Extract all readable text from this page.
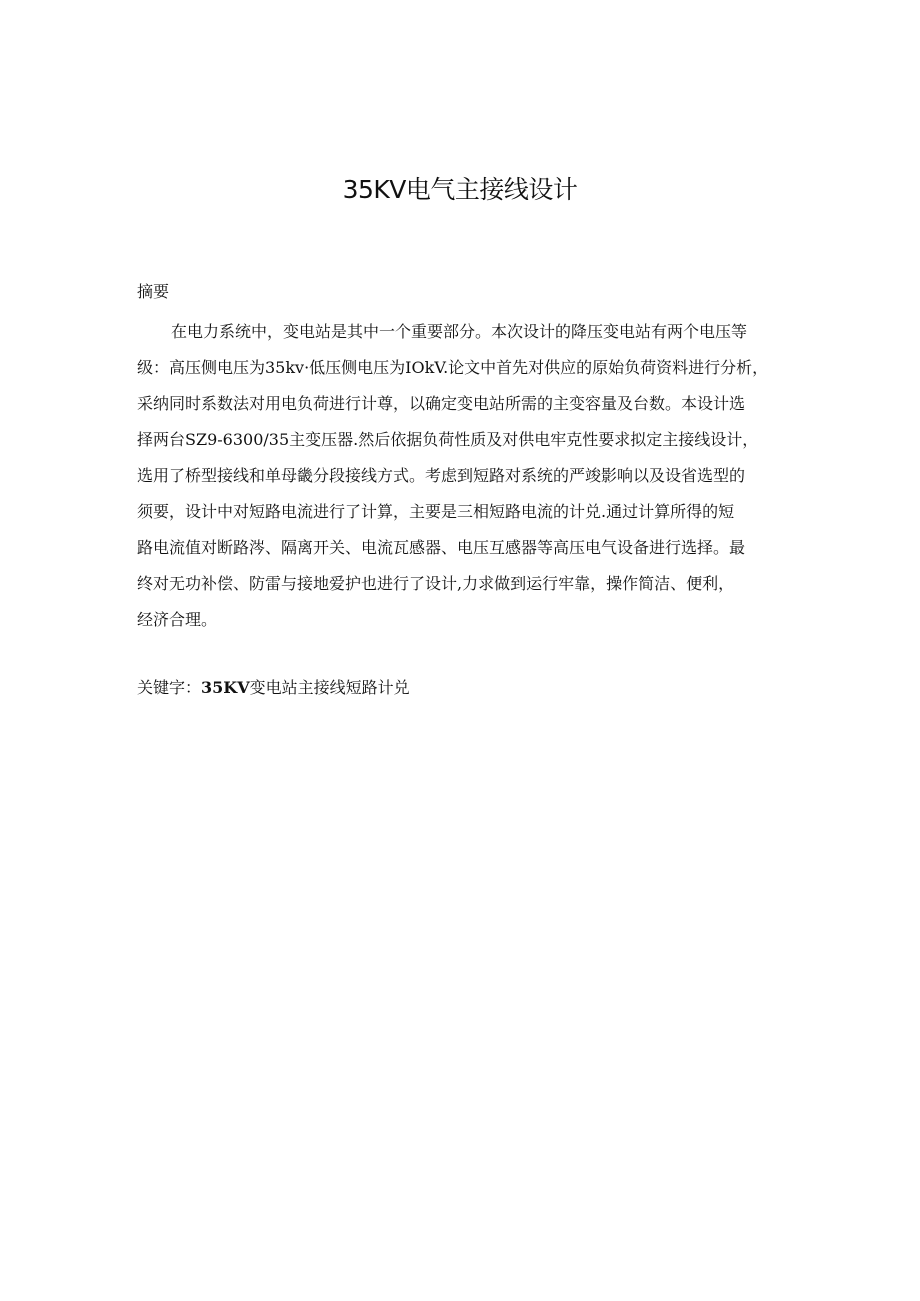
35KV电气主接线设计
摘要
在电力系统中，变电站是其中一个重要部分。本次设计的降压变电站有两个电压等
级：高压侧电压为35kv·低压侧电压为IOkV.论文中首先对供应的原始负荷资料进行分析，
采纳同时系数法对用电负荷进行计尊，以确定变电站所需的主变容量及台数。本设计选
择两台SZ9-6300/35主变压器.然后依据负荷性质及对供电牢克性要求拟定主接线设计，
选用了桥型接线和单母畿分段接线方式。考虑到短路对系统的严竣影响以及设省选型的
须要，设计中对短路电流进行了计算，主要是三相短路电流的计兑.通过计算所得的短
路电流值对断路涔、隔离开关、电流瓦感器、电压互感器等高压电气设备进行选择。最
终对无功补偿、防雷与接地爱护也进行了设计,力求做到运行牢靠，操作简洁、便利，
经济合理。
关键字：35KV变电站主接线短路计兑
